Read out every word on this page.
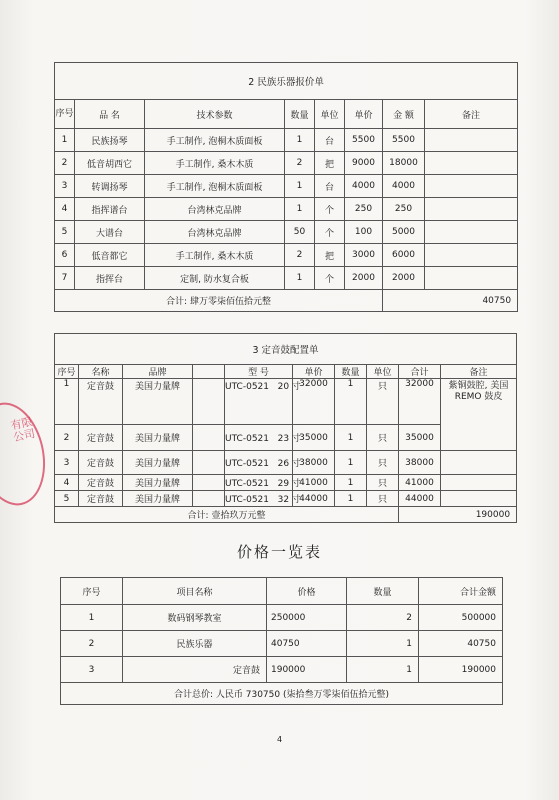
2 民族乐器报价单							
序号	品 名	技术参数	数量	单位	单价	金 额	备注
1	民族扬琴	手工制作, 泡桐木质面板	1	台	5500	5500	
2	低音胡西它	手工制作, 桑木木质	2	把	9000	18000	
3	转调扬琴	手工制作, 泡桐木质面板	1	台	4000	4000	
4	指挥谱台	台湾林克品牌	1	个	250	250	
5	大谱台	台湾林克品牌	50	个	100	5000	
6	低音都它	手工制作, 桑木木质	2	把	3000	6000	
7	指挥台	定制, 防水复合板	1	个	2000	2000	
合计: 肆万零柒佰伍拾元整						40750	
3 定音鼓配置单									
序号	名称	品牌		型 号	单价	数量	单位	合计	备注
1	定音鼓	美国力量牌		UTC-0521 20 寸	32000	1	只	32000	紫铜鼓腔, 美国 REMO 鼓皮
2	定音鼓	美国力量牌		UTC-0521 23 寸	35000	1	只	35000	
3	定音鼓	美国力量牌		UTC-0521 26 寸	38000	1	只	38000	
4	定音鼓	美国力量牌		UTC-0521 29 寸	41000	1	只	41000	
5	定音鼓	美国力量牌		UTC-0521 32 寸	44000	1	只	44000	
合计: 壹拾玖万元整								190000	
价格一览表
序号	项目名称	价格	数量	合计金额
1	数码钢琴教室	250000	2	500000
2	民族乐器	40750	1	40750
3	定音鼓	190000	1	190000
合计总价: 人民币 730750 (柒拾叁万零柒佰伍拾元整)				
4
有限公司
